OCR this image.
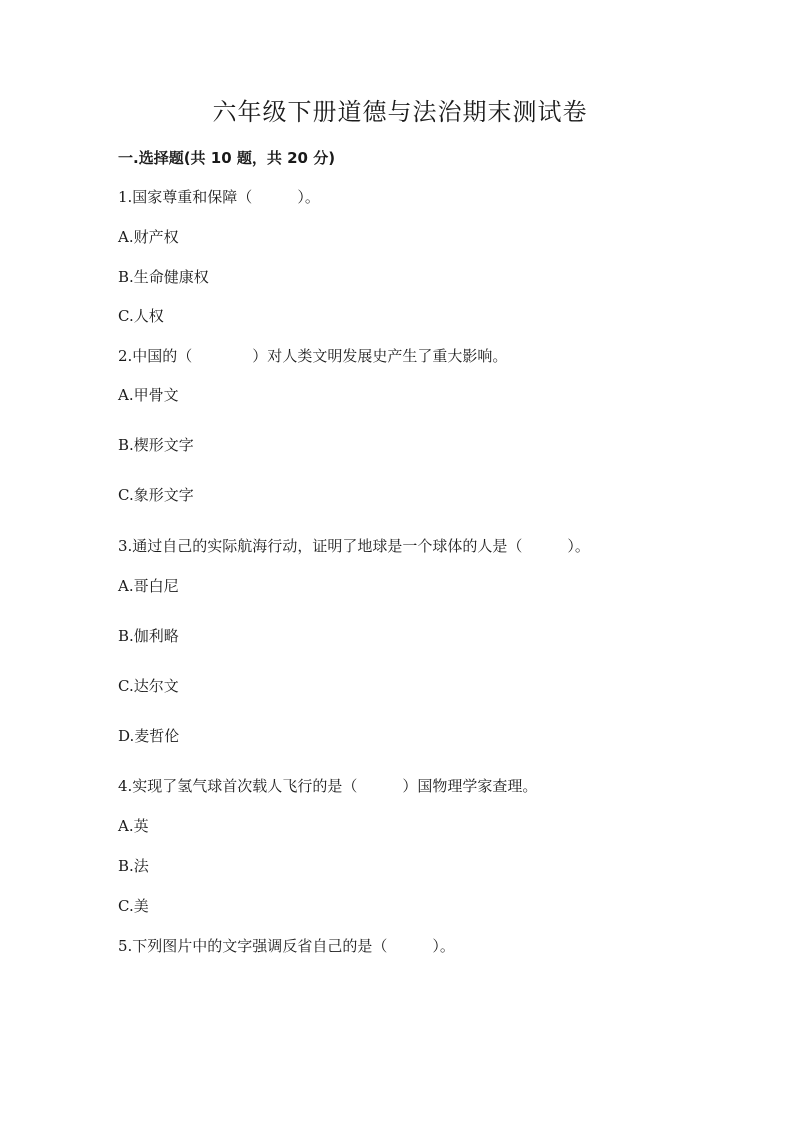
六年级下册道德与法治期末测试卷
一.选择题(共 10 题，共 20 分)
1.国家尊重和保障（　　　）。
A.财产权
B.生命健康权
C.人权
2.中国的（　　　　）对人类文明发展史产生了重大影响。
A.甲骨文
B.楔形文字
C.象形文字
3.通过自己的实际航海行动，证明了地球是一个球体的人是（　　　）。
A.哥白尼
B.伽利略
C.达尔文
D.麦哲伦
4.实现了氢气球首次载人飞行的是（　　　）国物理学家查理。
A.英
B.法
C.美
5.下列图片中的文字强调反省自己的是（　　　）。
